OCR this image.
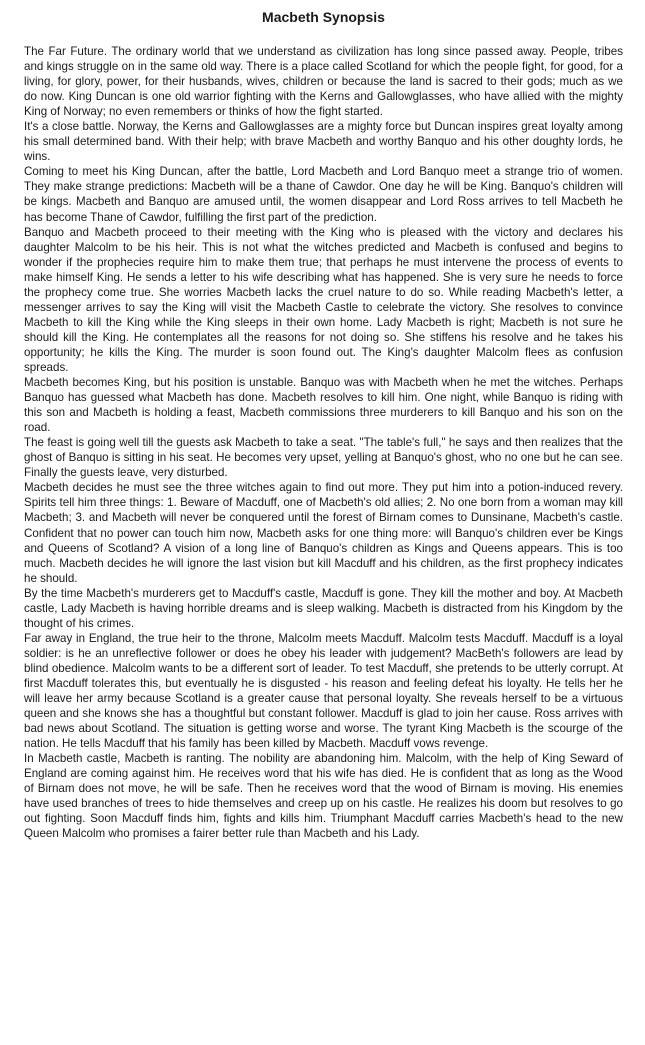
Macbeth Synopsis

The Far Future. The ordinary world that we understand as civilization has long since passed away. People, tribes and kings struggle on in the same old way. There is a place called Scotland for which the people fight, for good, for a living, for glory, power, for their husbands, wives, children or because the land is sacred to their gods; much as we do now. King Duncan is one old warrior fighting with the Kerns and Gallowglasses, who have allied with the mighty King of Norway; no even remembers or thinks of how the fight started.

It's a close battle. Norway, the Kerns and Gallowglasses are a mighty force but Duncan inspires great loyalty among his small determined band. With their help; with brave Macbeth and worthy Banquo and his other doughty lords, he wins.

Coming to meet his King Duncan, after the battle, Lord Macbeth and Lord Banquo meet a strange trio of women. They make strange predictions: Macbeth will be a thane of Cawdor. One day he will be King. Banquo's children will be kings. Macbeth and Banquo are amused until, the women disappear and Lord Ross arrives to tell Macbeth he has become Thane of Cawdor, fulfilling the first part of the prediction.

Banquo and Macbeth proceed to their meeting with the King who is pleased with the victory and declares his daughter Malcolm to be his heir. This is not what the witches predicted and Macbeth is confused and begins to wonder if the prophecies require him to make them true; that perhaps he must intervene the process of events to make himself King. He sends a letter to his wife describing what has happened. She is very sure he needs to force the prophecy come true. She worries Macbeth lacks the cruel nature to do so. While reading Macbeth's letter, a messenger arrives to say the King will visit the Macbeth Castle to celebrate the victory. She resolves to convince Macbeth to kill the King while the King sleeps in their own home. Lady Macbeth is right; Macbeth is not sure he should kill the King. He contemplates all the reasons for not doing so. She stiffens his resolve and he takes his opportunity; he kills the King. The murder is soon found out. The King's daughter Malcolm flees as confusion spreads.

Macbeth becomes King, but his position is unstable. Banquo was with Macbeth when he met the witches. Perhaps Banquo has guessed what Macbeth has done. Macbeth resolves to kill him. One night, while Banquo is riding with this son and Macbeth is holding a feast, Macbeth commissions three murderers to kill Banquo and his son on the road.

The feast is going well till the guests ask Macbeth to take a seat. "The table's full," he says and then realizes that the ghost of Banquo is sitting in his seat. He becomes very upset, yelling at Banquo's ghost, who no one but he can see. Finally the guests leave, very disturbed.

Macbeth decides he must see the three witches again to find out more. They put him into a potion-induced revery. Spirits tell him three things: 1. Beware of Macduff, one of Macbeth's old allies; 2. No one born from a woman may kill Macbeth; 3. and Macbeth will never be conquered until the forest of Birnam comes to Dunsinane, Macbeth's castle. Confident that no power can touch him now, Macbeth asks for one thing more: will Banquo's children ever be Kings and Queens of Scotland? A vision of a long line of Banquo's children as Kings and Queens appears. This is too much. Macbeth decides he will ignore the last vision but kill Macduff and his children, as the first prophecy indicates he should.

By the time Macbeth's murderers get to Macduff's castle, Macduff is gone. They kill the mother and boy. At Macbeth castle, Lady Macbeth is having horrible dreams and is sleep walking. Macbeth is distracted from his Kingdom by the thought of his crimes.

Far away in England, the true heir to the throne, Malcolm meets Macduff. Malcolm tests Macduff. Macduff is a loyal soldier: is he an unreflective follower or does he obey his leader with judgement? MacBeth's followers are lead by blind obedience. Malcolm wants to be a different sort of leader. To test Macduff, she pretends to be utterly corrupt. At first Macduff tolerates this, but eventually he is disgusted - his reason and feeling defeat his loyalty. He tells her he will leave her army because Scotland is a greater cause that personal loyalty. She reveals herself to be a virtuous queen and she knows she has a thoughtful but constant follower. Macduff is glad to join her cause. Ross arrives with bad news about Scotland. The situation is getting worse and worse. The tyrant King Macbeth is the scourge of the nation. He tells Macduff that his family has been killed by Macbeth. Macduff vows revenge.

In Macbeth castle, Macbeth is ranting. The nobility are abandoning him. Malcolm, with the help of King Seward of England are coming against him. He receives word that his wife has died. He is confident that as long as the Wood of Birnam does not move, he will be safe. Then he receives word that the wood of Birnam is moving. His enemies have used branches of trees to hide themselves and creep up on his castle. He realizes his doom but resolves to go out fighting. Soon Macduff finds him, fights and kills him. Triumphant Macduff carries Macbeth's head to the new Queen Malcolm who promises a fairer better rule than Macbeth and his Lady.
